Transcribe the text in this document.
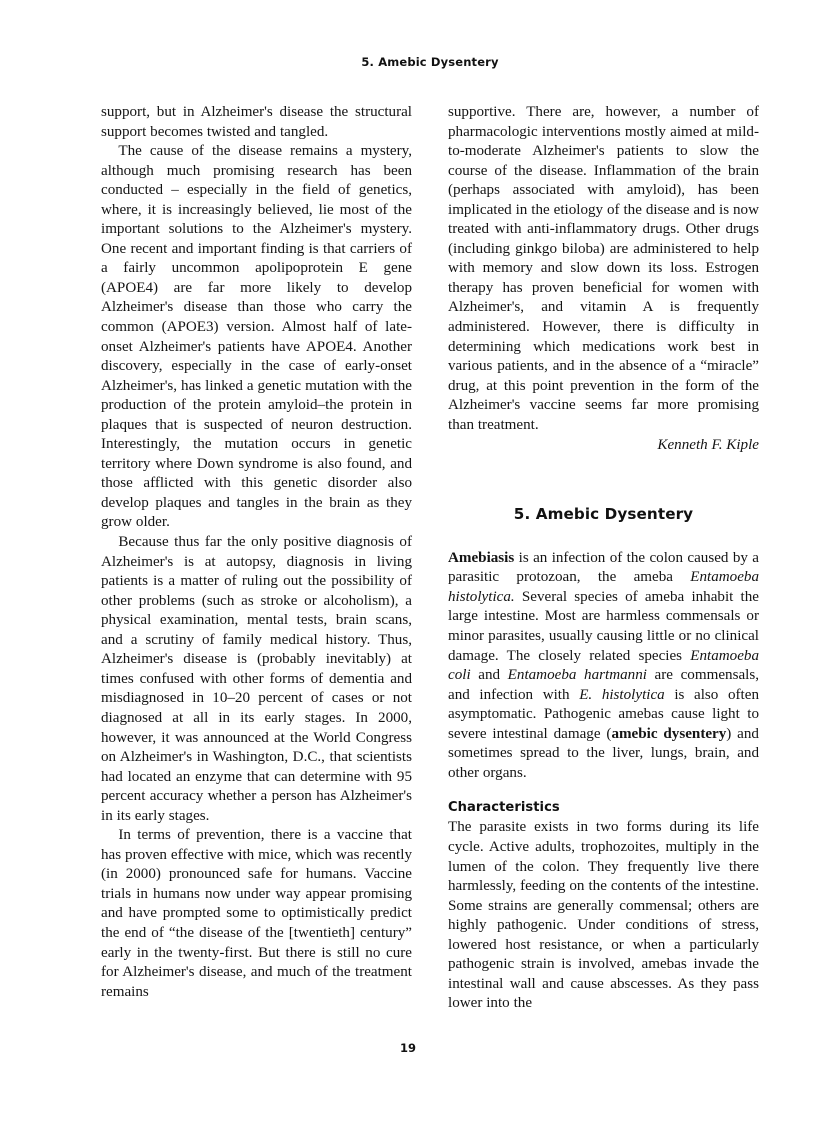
5. Amebic Dysentery

support, but in Alzheimer's disease the structural support becomes twisted and tangled.

The cause of the disease remains a mystery, although much promising research has been conducted – especially in the field of genetics, where, it is increasingly believed, lie most of the important solutions to the Alzheimer's mystery. One recent and important finding is that carriers of a fairly uncommon apolipoprotein E gene (APOE4) are far more likely to develop Alzheimer's disease than those who carry the common (APOE3) version. Almost half of late-onset Alzheimer's patients have APOE4. Another discovery, especially in the case of early-onset Alzheimer's, has linked a genetic mutation with the production of the protein amyloid–the protein in plaques that is suspected of neuron destruction. Interestingly, the mutation occurs in genetic territory where Down syndrome is also found, and those afflicted with this genetic disorder also develop plaques and tangles in the brain as they grow older.

Because thus far the only positive diagnosis of Alzheimer's is at autopsy, diagnosis in living patients is a matter of ruling out the possibility of other problems (such as stroke or alcoholism), a physical examination, mental tests, brain scans, and a scrutiny of family medical history. Thus, Alzheimer's disease is (probably inevitably) at times confused with other forms of dementia and misdiagnosed in 10–20 percent of cases or not diagnosed at all in its early stages. In 2000, however, it was announced at the World Congress on Alzheimer's in Washington, D.C., that scientists had located an enzyme that can determine with 95 percent accuracy whether a person has Alzheimer's in its early stages.

In terms of prevention, there is a vaccine that has proven effective with mice, which was recently (in 2000) pronounced safe for humans. Vaccine trials in humans now under way appear promising and have prompted some to optimistically predict the end of “the disease of the [twentieth] century” early in the twenty-first. But there is still no cure for Alzheimer's disease, and much of the treatment remains

supportive. There are, however, a number of pharmacologic interventions mostly aimed at mild-to-moderate Alzheimer's patients to slow the course of the disease. Inflammation of the brain (perhaps associated with amyloid), has been implicated in the etiology of the disease and is now treated with anti-inflammatory drugs. Other drugs (including ginkgo biloba) are administered to help with memory and slow down its loss. Estrogen therapy has proven beneficial for women with Alzheimer's, and vitamin A is frequently administered. However, there is difficulty in determining which medications work best in various patients, and in the absence of a “miracle” drug, at this point prevention in the form of the Alzheimer's vaccine seems far more promising than treatment.

Kenneth F. Kiple

5. Amebic Dysentery

Amebiasis is an infection of the colon caused by a parasitic protozoan, the ameba Entamoeba histolytica. Several species of ameba inhabit the large intestine. Most are harmless commensals or minor parasites, usually causing little or no clinical damage. The closely related species Entamoeba coli and Entamoeba hartmanni are commensals, and infection with E. histolytica is also often asymptomatic. Pathogenic amebas cause light to severe intestinal damage (amebic dysentery) and sometimes spread to the liver, lungs, brain, and other organs.

Characteristics

The parasite exists in two forms during its life cycle. Active adults, trophozoites, multiply in the lumen of the colon. They frequently live there harmlessly, feeding on the contents of the intestine. Some strains are generally commensal; others are highly pathogenic. Under conditions of stress, lowered host resistance, or when a particularly pathogenic strain is involved, amebas invade the intestinal wall and cause abscesses. As they pass lower into the

19
